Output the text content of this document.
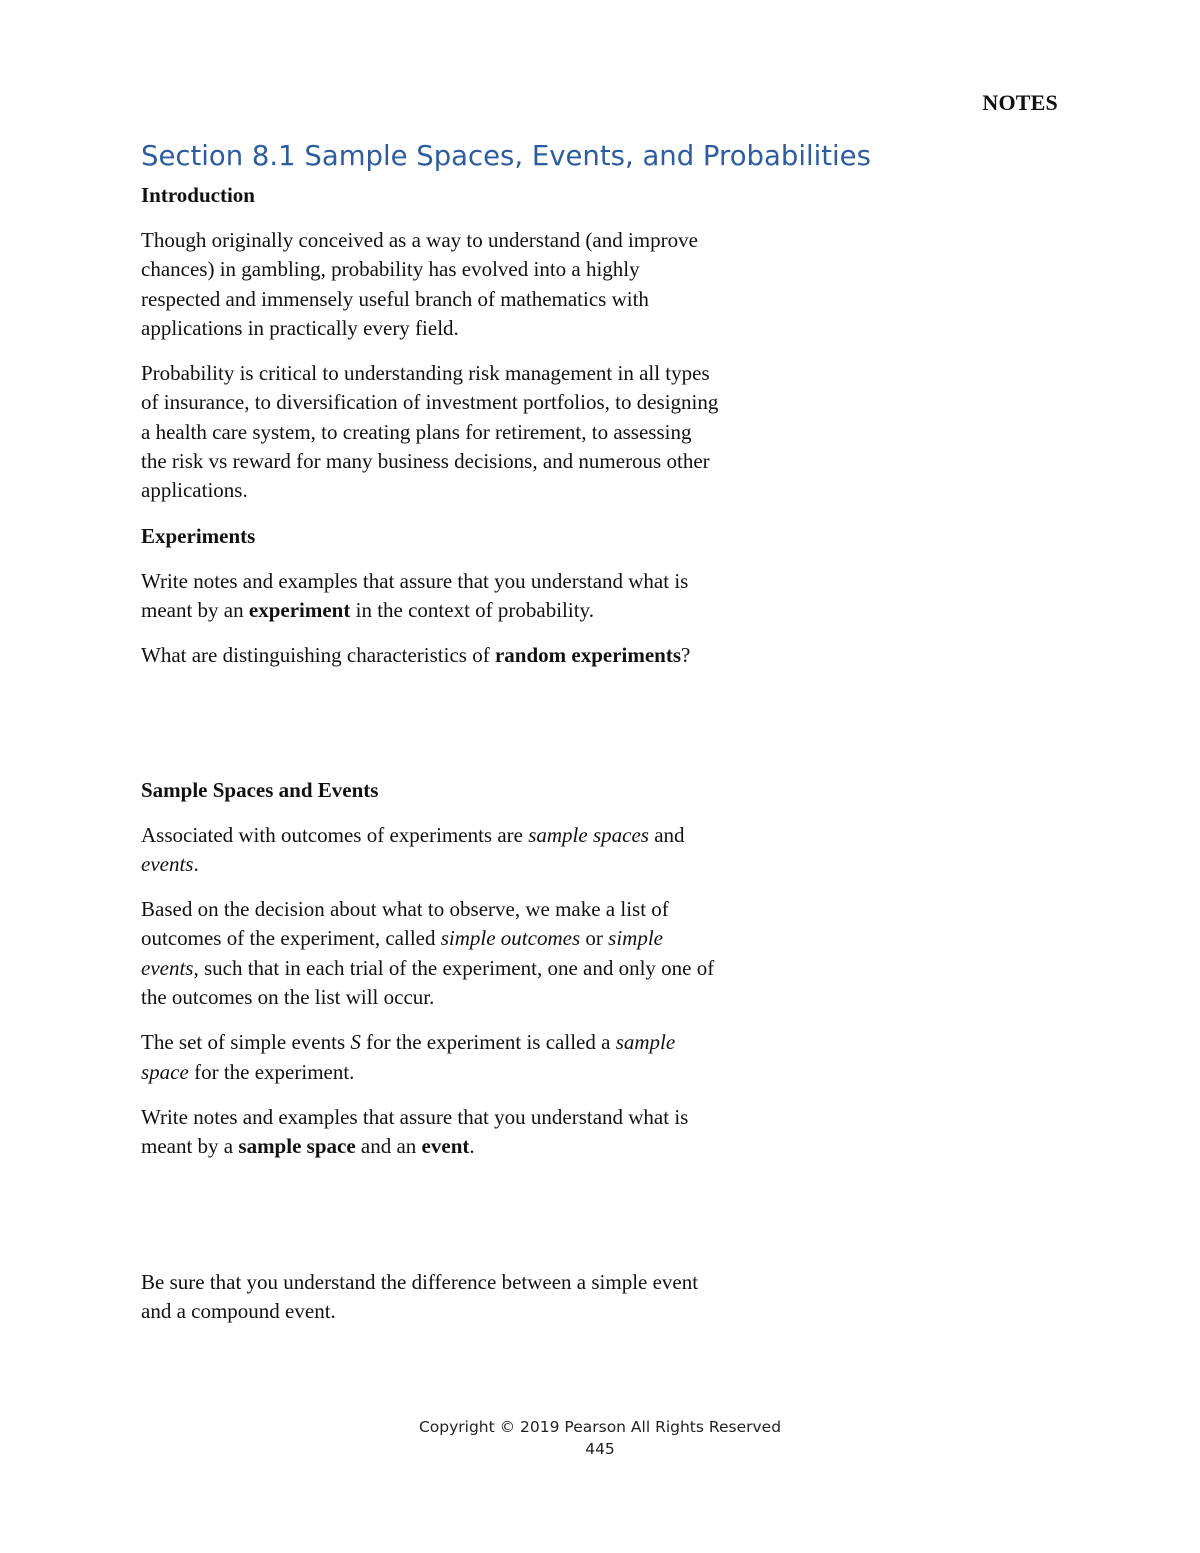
NOTES
Section 8.1 Sample Spaces, Events, and Probabilities

Introduction

Though originally conceived as a way to understand (and improve chances) in gambling, probability has evolved into a highly respected and immensely useful branch of mathematics with applications in practically every field.

Probability is critical to understanding risk management in all types of insurance, to diversification of investment portfolios, to designing a health care system, to creating plans for retirement, to assessing the risk vs reward for many business decisions, and numerous other applications.

Experiments

Write notes and examples that assure that you understand what is meant by an experiment in the context of probability.

What are distinguishing characteristics of random experiments?

Sample Spaces and Events

Associated with outcomes of experiments are sample spaces and events.

Based on the decision about what to observe, we make a list of outcomes of the experiment, called simple outcomes or simple events, such that in each trial of the experiment, one and only one of the outcomes on the list will occur.

The set of simple events S for the experiment is called a sample space for the experiment.

Write notes and examples that assure that you understand what is meant by a sample space and an event.

Be sure that you understand the difference between a simple event and a compound event.

Copyright © 2019 Pearson All Rights Reserved
445
